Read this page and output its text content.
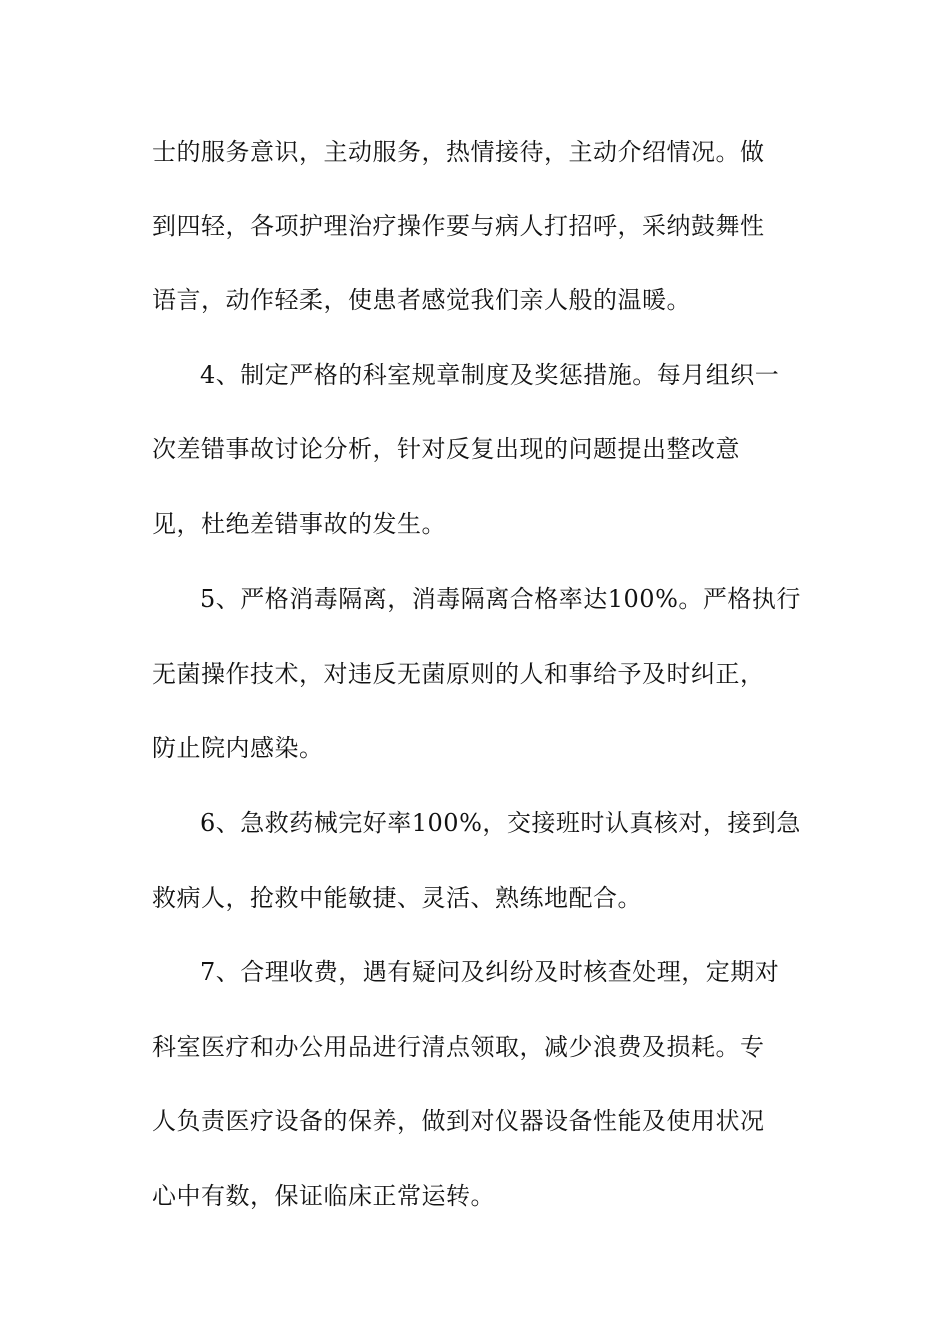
士的服务意识，主动服务，热情接待，主动介绍情况。做
到四轻，各项护理治疗操作要与病人打招呼，采纳鼓舞性
语言，动作轻柔，使患者感觉我们亲人般的温暖。
4、制定严格的科室规章制度及奖惩措施。每月组织一
次差错事故讨论分析，针对反复出现的问题提出整改意
见，杜绝差错事故的发生。
5、严格消毒隔离，消毒隔离合格率达100%。严格执行
无菌操作技术，对违反无菌原则的人和事给予及时纠正，
防止院内感染。
6、急救药械完好率100%，交接班时认真核对，接到急
救病人，抢救中能敏捷、灵活、熟练地配合。
7、合理收费，遇有疑问及纠纷及时核查处理，定期对
科室医疗和办公用品进行清点领取，减少浪费及损耗。专
人负责医疗设备的保养，做到对仪器设备性能及使用状况
心中有数，保证临床正常运转。
